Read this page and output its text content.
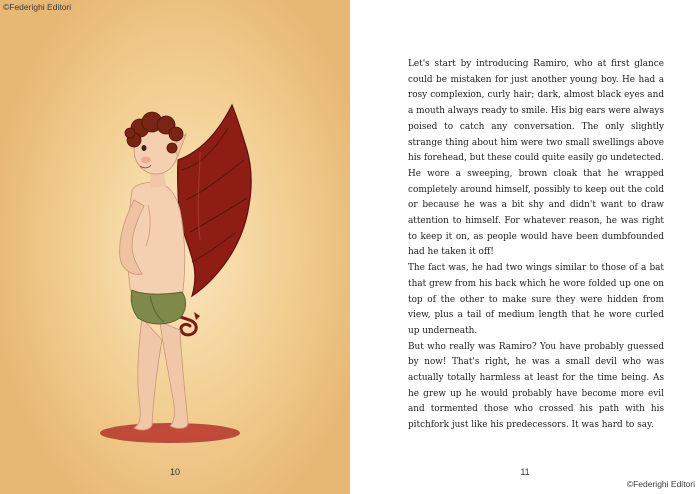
©Federighi Editori
10

Let's start by introducing Ramiro, who at first glance could be mistaken for just another young boy. He had a rosy complexion, curly hair; dark, almost black eyes and a mouth always ready to smile. His big ears were always poised to catch any conversation. The only slightly strange thing about him were two small swellings above his forehead, but these could quite easily go undetected.

He wore a sweeping, brown cloak that he wrapped completely around himself, possibly to keep out the cold or because he was a bit shy and didn't want to draw attention to himself. For whatever reason, he was right to keep it on, as people would have been dumbfounded had he taken it off!

The fact was, he had two wings similar to those of a bat that grew from his back which he wore folded up one on top of the other to make sure they were hidden from view, plus a tail of medium length that he wore curled up underneath.

But who really was Ramiro? You have probably guessed by now! That's right, he was a small devil who was actually totally harmless at least for the time being. As he grew up he would probably have become more evil and tormented those who crossed his path with his pitchfork just like his predecessors. It was hard to say.

11
©Federighi Editori
